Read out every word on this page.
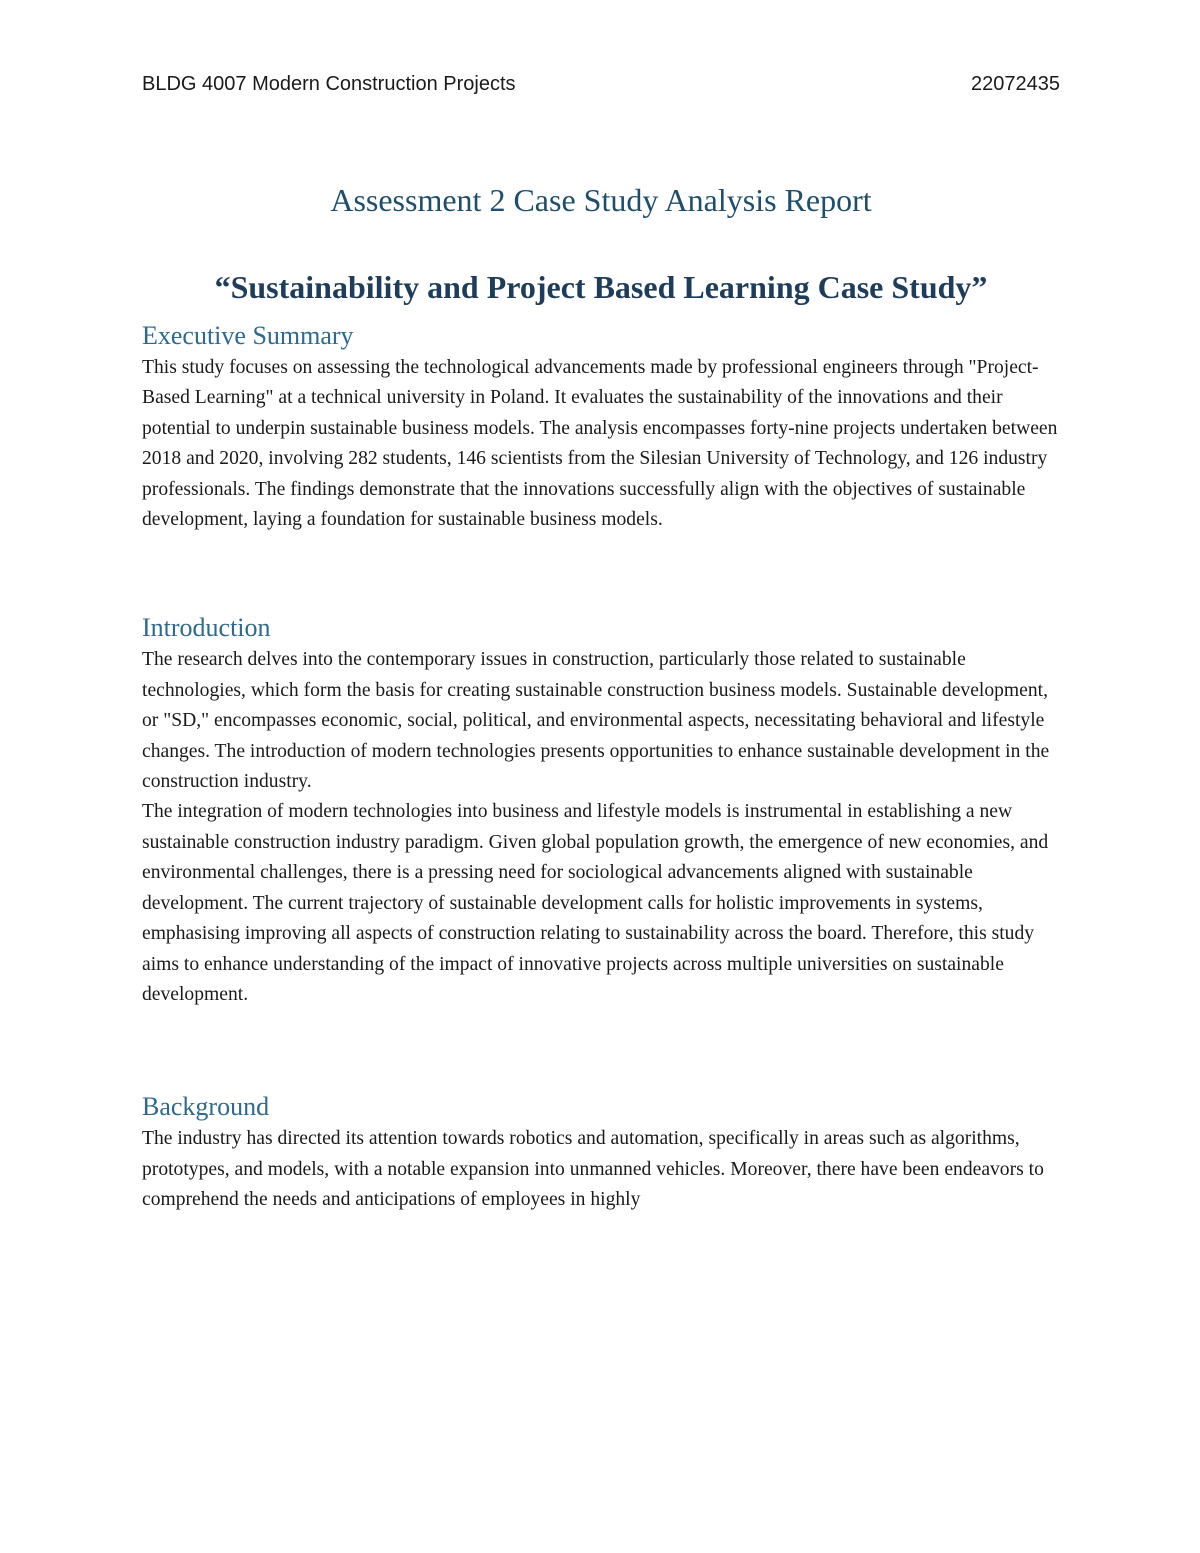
BLDG 4007 Modern Construction Projects	22072435
Assessment 2 Case Study Analysis Report
“Sustainability and Project Based Learning Case Study”
Executive Summary

This study focuses on assessing the technological advancements made by professional engineers through "Project-Based Learning" at a technical university in Poland. It evaluates the sustainability of the innovations and their potential to underpin sustainable business models. The analysis encompasses forty-nine projects undertaken between 2018 and 2020, involving 282 students, 146 scientists from the Silesian University of Technology, and 126 industry professionals. The findings demonstrate that the innovations successfully align with the objectives of sustainable development, laying a foundation for sustainable business models.

Introduction

The research delves into the contemporary issues in construction, particularly those related to sustainable technologies, which form the basis for creating sustainable construction business models. Sustainable development, or "SD," encompasses economic, social, political, and environmental aspects, necessitating behavioral and lifestyle changes. The introduction of modern technologies presents opportunities to enhance sustainable development in the construction industry.

The integration of modern technologies into business and lifestyle models is instrumental in establishing a new sustainable construction industry paradigm. Given global population growth, the emergence of new economies, and environmental challenges, there is a pressing need for sociological advancements aligned with sustainable development. The current trajectory of sustainable development calls for holistic improvements in systems, emphasising improving all aspects of construction relating to sustainability across the board. Therefore, this study aims to enhance understanding of the impact of innovative projects across multiple universities on sustainable development.

Background

The industry has directed its attention towards robotics and automation, specifically in areas such as algorithms, prototypes, and models, with a notable expansion into unmanned vehicles. Moreover, there have been endeavors to comprehend the needs and anticipations of employees in highly
